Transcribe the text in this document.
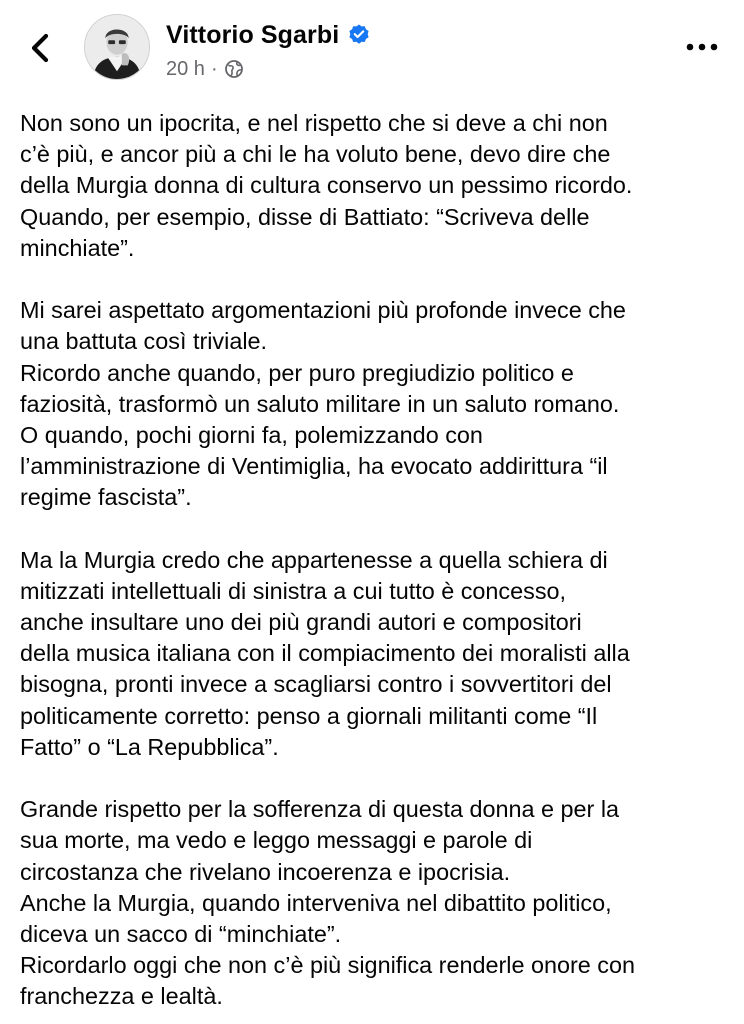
Vittorio Sgarbi
20 h ·
Non sono un ipocrita, e nel rispetto che si deve a chi non
c’è più, e ancor più a chi le ha voluto bene, devo dire che
della Murgia donna di cultura conservo un pessimo ricordo.
Quando, per esempio, disse di Battiato: “Scriveva delle
minchiate”.
Mi sarei aspettato argomentazioni più profonde invece che
una battuta così triviale.
Ricordo anche quando, per puro pregiudizio politico e
faziosità, trasformò un saluto militare in un saluto romano.
O quando, pochi giorni fa, polemizzando con
l’amministrazione di Ventimiglia, ha evocato addirittura “il
regime fascista”.
Ma la Murgia credo che appartenesse a quella schiera di
mitizzati intellettuali di sinistra a cui tutto è concesso,
anche insultare uno dei più grandi autori e compositori
della musica italiana con il compiacimento dei moralisti alla
bisogna, pronti invece a scagliarsi contro i sovvertitori del
politicamente corretto: penso a giornali militanti come “Il
Fatto” o “La Repubblica”.
Grande rispetto per la sofferenza di questa donna e per la
sua morte, ma vedo e leggo messaggi e parole di
circostanza che rivelano incoerenza e ipocrisia.
Anche la Murgia, quando interveniva nel dibattito politico,
diceva un sacco di “minchiate”.
Ricordarlo oggi che non c’è più significa renderle onore con
franchezza e lealtà.
